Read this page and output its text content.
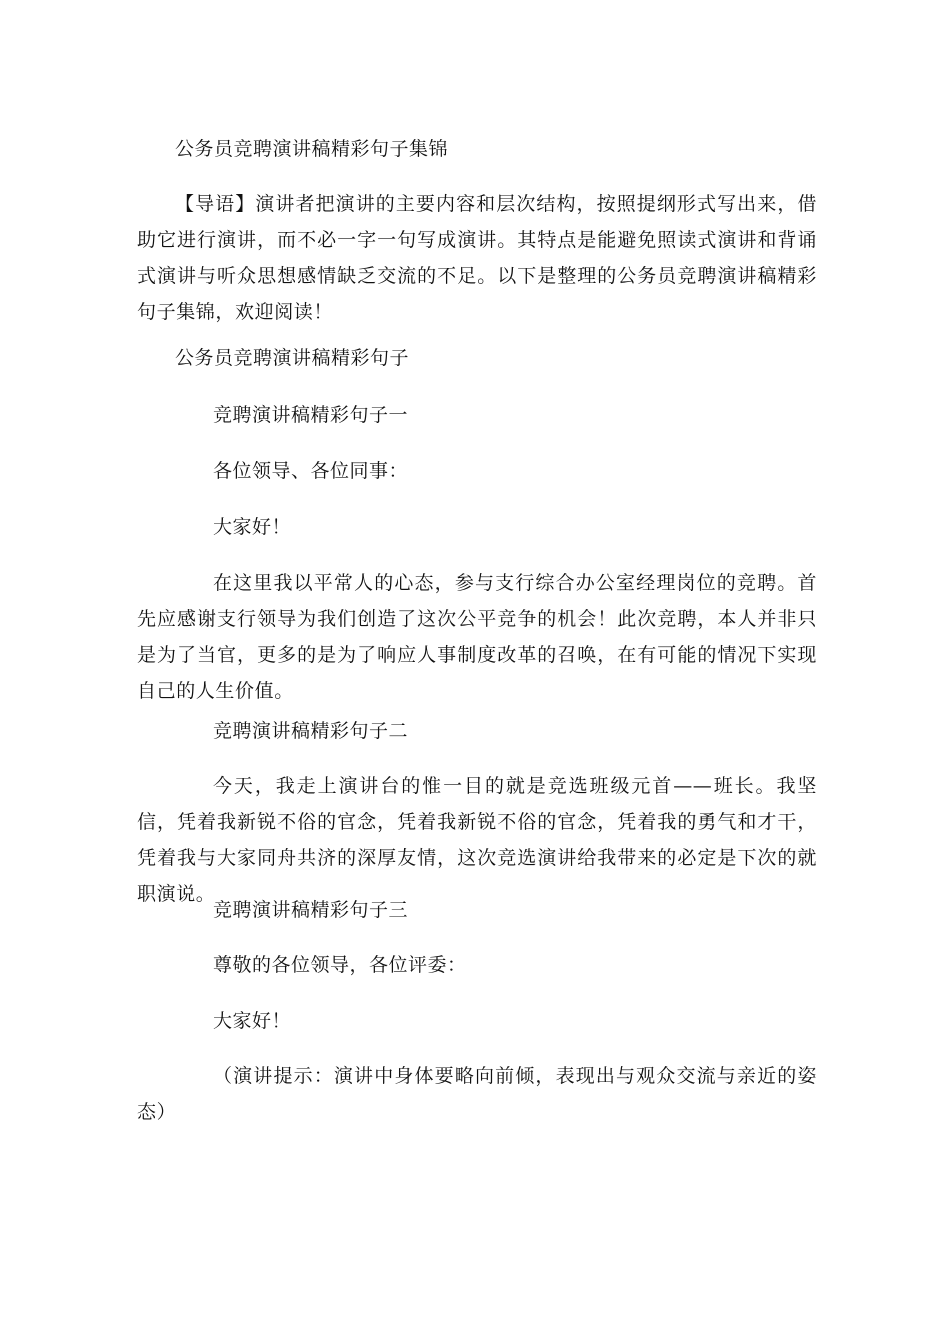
公务员竞聘演讲稿精彩句子集锦
【导语】演讲者把演讲的主要内容和层次结构，按照提纲形式写出来，借助它进行演讲，而不必一字一句写成演讲。其特点是能避免照读式演讲和背诵式演讲与听众思想感情缺乏交流的不足。以下是整理的公务员竞聘演讲稿精彩句子集锦，欢迎阅读！
公务员竞聘演讲稿精彩句子
竞聘演讲稿精彩句子一
各位领导、各位同事：
大家好！
在这里我以平常人的心态，参与支行综合办公室经理岗位的竞聘。首先应感谢支行领导为我们创造了这次公平竞争的机会！此次竞聘，本人并非只是为了当官，更多的是为了响应人事制度改革的召唤，在有可能的情况下实现自己的人生价值。
竞聘演讲稿精彩句子二
今天，我走上演讲台的惟一目的就是竞选班级元首——班长。我坚信，凭着我新锐不俗的官念，凭着我新锐不俗的官念，凭着我的勇气和才干，凭着我与大家同舟共济的深厚友情，这次竞选演讲给我带来的必定是下次的就职演说。
竞聘演讲稿精彩句子三
尊敬的各位领导，各位评委：
大家好！
（演讲提示：演讲中身体要略向前倾，表现出与观众交流与亲近的姿态）
